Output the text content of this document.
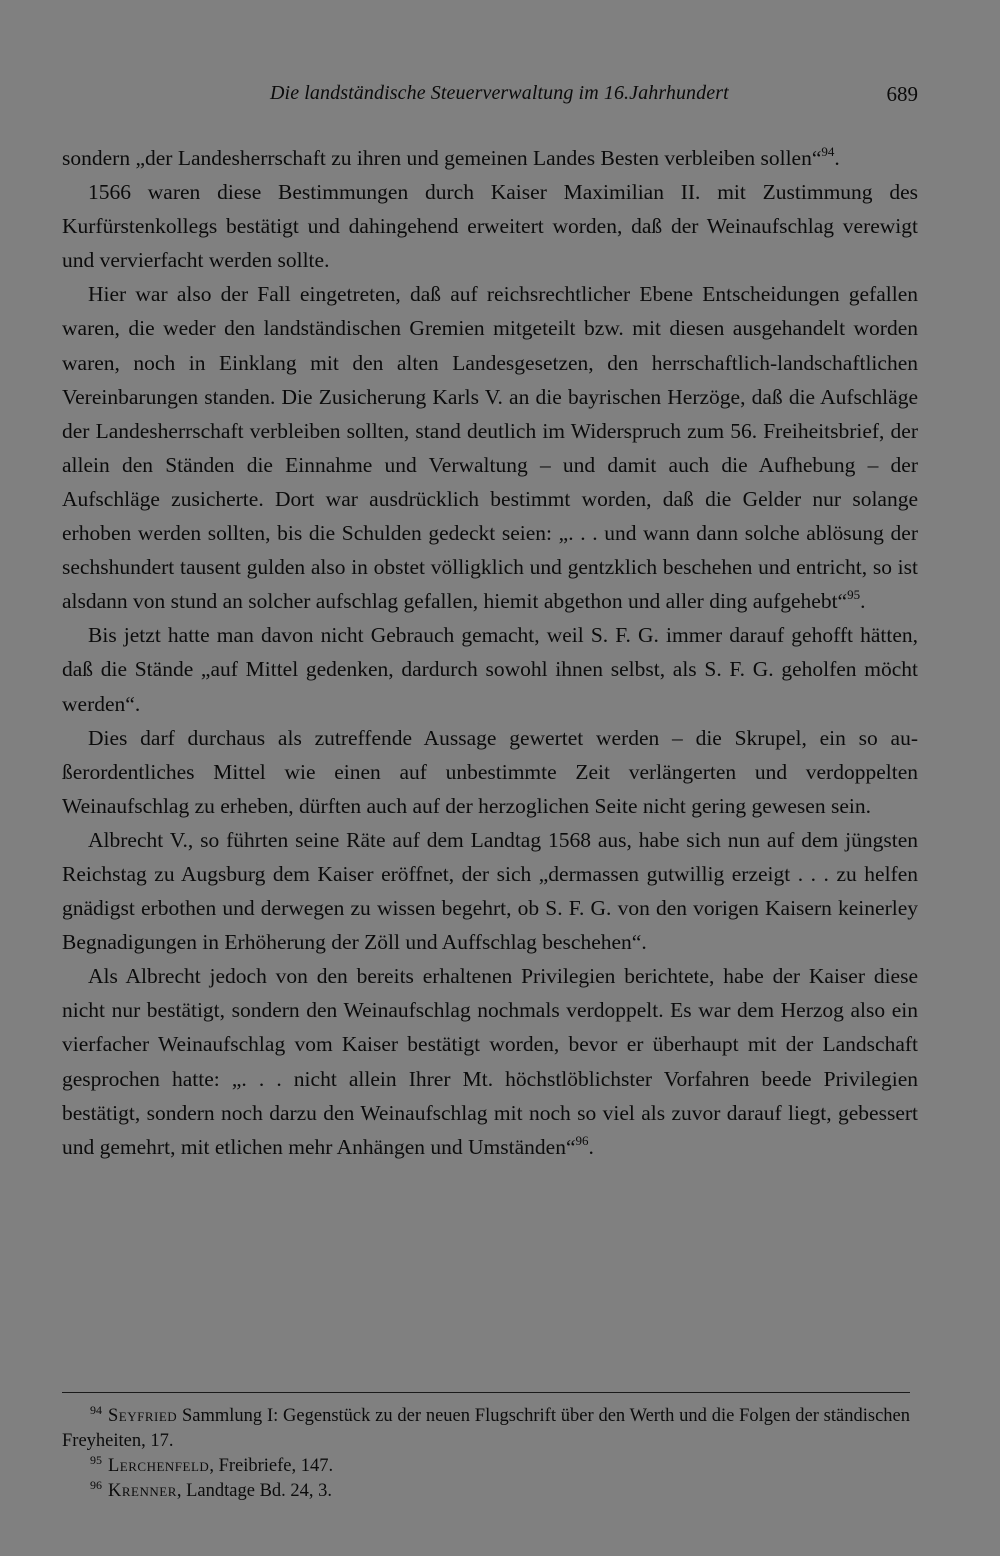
Die landständische Steuerverwaltung im 16.Jahrhundert	689

sondern „der Landesherrschaft zu ihren und gemeinen Landes Besten verbleiben sollen“$^{94}$.

1566 waren diese Bestimmungen durch Kaiser Maximilian II. mit Zustimmung des Kurfürstenkollegs bestätigt und dahingehend erweitert worden, daß der Weinaufschlag verewigt und vervierfacht werden sollte.

Hier war also der Fall eingetreten, daß auf reichsrechtlicher Ebene Entscheidungen gefallen waren, die weder den landständischen Gremien mitgeteilt bzw. mit diesen ausgehandelt worden waren, noch in Einklang mit den alten Landesgesetzen, den herrschaftlich-landschaftlichen Vereinbarungen standen. Die Zusicherung Karls V. an die bayrischen Herzöge, daß die Aufschläge der Landesherrschaft verbleiben sollten, stand deutlich im Widerspruch zum 56. Freiheitsbrief, der allein den Ständen die Einnahme und Verwaltung – und damit auch die Aufhebung – der Aufschläge zusicherte. Dort war ausdrücklich bestimmt worden, daß die Gelder nur solange erhoben werden sollten, bis die Schulden gedeckt seien: „. . . und wann dann solche ablösung der sechshundert tausent gulden also in obstet völligklich und gentzklich beschehen und entricht, so ist alsdann von stund an solcher aufschlag gefallen, hiemit abgethon und aller ding aufgehebt“$^{95}$.

Bis jetzt hatte man davon nicht Gebrauch gemacht, weil S. F. G. immer darauf gehofft hätten, daß die Stände „auf Mittel gedenken, dardurch sowohl ihnen selbst, als S. F. G. geholfen möcht werden“.

Dies darf durchaus als zutreffende Aussage gewertet werden – die Skrupel, ein so außerordentliches Mittel wie einen auf unbestimmte Zeit verlängerten und verdoppelten Weinaufschlag zu erheben, dürften auch auf der herzoglichen Seite nicht gering gewesen sein.

Albrecht V., so führten seine Räte auf dem Landtag 1568 aus, habe sich nun auf dem jüngsten Reichstag zu Augsburg dem Kaiser eröffnet, der sich „dermassen gutwillig erzeigt . . . zu helfen gnädigst erbothen und derwegen zu wissen begehrt, ob S. F. G. von den vorigen Kaisern keinerley Begnadigungen in Erhöherung der Zöll und Auffschlag beschehen“.

Als Albrecht jedoch von den bereits erhaltenen Privilegien berichtete, habe der Kaiser diese nicht nur bestätigt, sondern den Weinaufschlag nochmals verdoppelt. Es war dem Herzog also ein vierfacher Weinaufschlag vom Kaiser bestätigt worden, bevor er überhaupt mit der Landschaft gesprochen hatte: „. . . nicht allein Ihrer Mt. höchstlöblichster Vorfahren beede Privilegien bestätigt, sondern noch darzu den Weinaufschlag mit noch so viel als zuvor darauf liegt, gebessert und gemehrt, mit etlichen mehr Anhängen und Umständen“$^{96}$.

$^{94}$ Seyfried Sammlung I: Gegenstück zu der neuen Flugschrift über den Werth und die Folgen der ständischen Freyheiten, 17.

$^{95}$ Lerchenfeld, Freibriefe, 147.

$^{96}$ Krenner, Landtage Bd. 24, 3.
